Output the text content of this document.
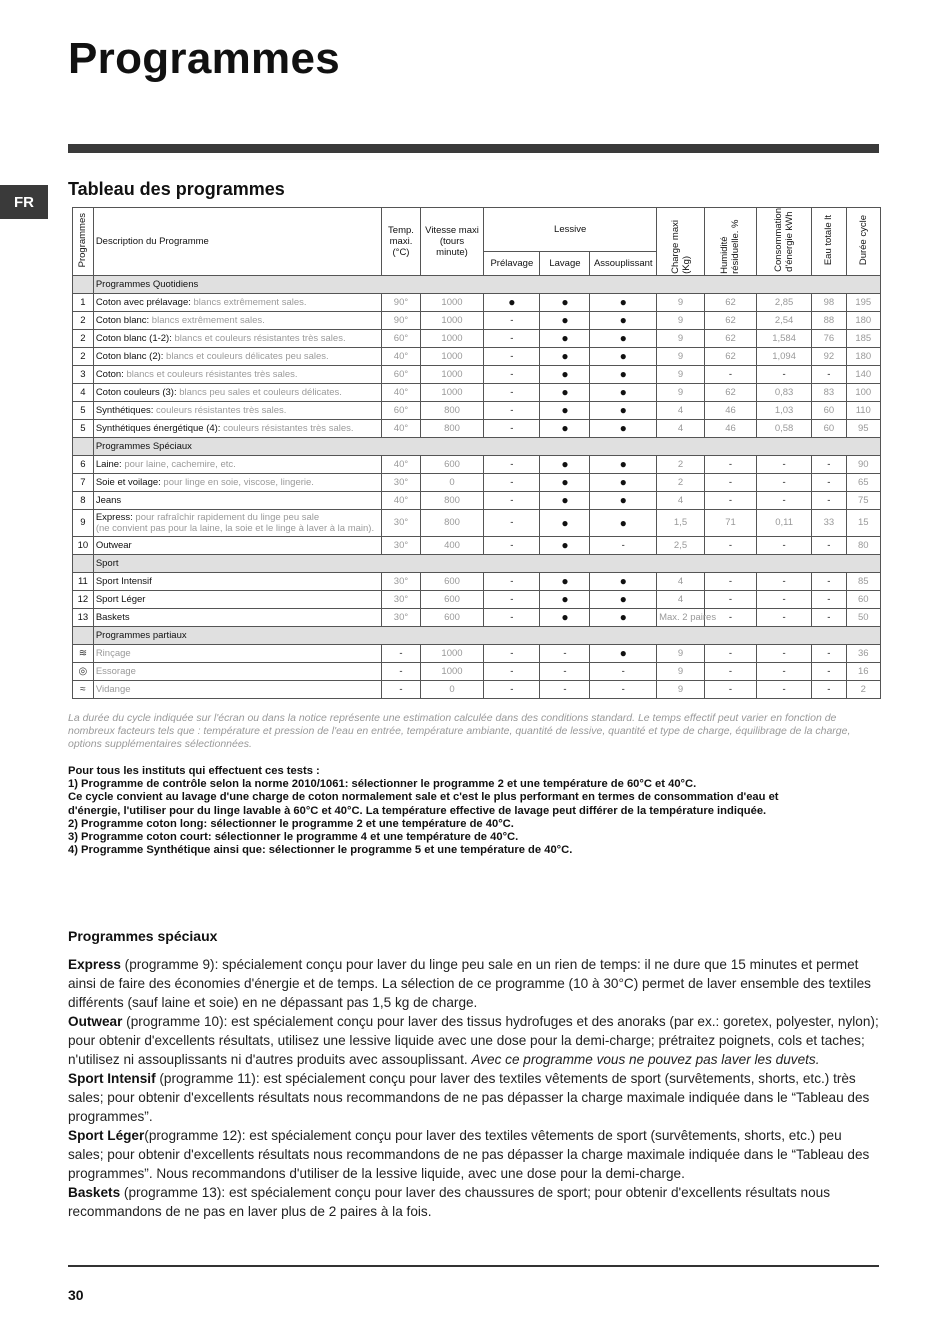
Programmes
FR
Tableau des programmes
Programmes	Description du Programme	Temp. maxi. (°C)	Vitesse maxi (tours minute)	Lessive			Charge maxi (Kg)	Humidité résiduelle. %	Consommation d'énergie kWh	Eau totale lt	Durée cycle
				Prélavage	Lavage	Assouplissant					
	Programmes Quotidiens										
1	Coton avec prélavage: blancs extrêmement sales.	90°	1000	●	●	●	9	62	2,85	98	195
2	Coton blanc: blancs extrêmement sales.	90°	1000	-	●	●	9	62	2,54	88	180
2	Coton blanc (1-2): blancs et couleurs résistantes très sales.	60°	1000	-	●	●	9	62	1,584	76	185
2	Coton blanc (2): blancs et couleurs délicates peu sales.	40°	1000	-	●	●	9	62	1,094	92	180
3	Coton: blancs et couleurs résistantes très sales.	60°	1000	-	●	●	9	-	-	-	140
4	Coton couleurs (3): blancs peu sales et couleurs délicates.	40°	1000	-	●	●	9	62	0,83	83	100
5	Synthétiques: couleurs résistantes très sales.	60°	800	-	●	●	4	46	1,03	60	110
5	Synthétiques énergétique (4): couleurs résistantes très sales.	40°	800	-	●	●	4	46	0,58	60	95
	Programmes Spéciaux										
6	Laine: pour laine, cachemire, etc.	40°	600	-	●	●	2	-	-	-	90
7	Soie et voilage: pour linge en soie, viscose, lingerie.	30°	0	-	●	●	2	-	-	-	65
8	Jeans	40°	800	-	●	●	4	-	-	-	75
9	Express: pour rafraîchir rapidement du linge peu sale
(ne convient pas pour la laine, la soie et le linge à laver à la main).	30°	800	-	●	●	1,5	71	0,11	33	15
10	Outwear	30°	400	-	●	-	2,5	-	-	-	80
	Sport										
11	Sport Intensif	30°	600	-	●	●	4	-	-	-	85
12	Sport Léger	30°	600	-	●	●	4	-	-	-	60
13	Baskets	30°	600	-	●	●	Max. 2 paires	-	-	-	50
	Programmes partiaux										
≋	Rinçage	-	1000	-	-	●	9	-	-	-	36
◎	Essorage	-	1000	-	-	-	9	-	-	-	16
≈	Vidange	-	0	-	-	-	9	-	-	-	2
La durée du cycle indiquée sur l'écran ou dans la notice représente une estimation calculée dans des conditions standard. Le temps effectif peut varier en fonction de nombreux facteurs tels que : température et pression de l'eau en entrée, température ambiante, quantité de lessive, quantité et type de charge, équilibrage de la charge, options supplémentaires sélectionnées.
Pour tous les instituts qui effectuent ces tests :
1) Programme de contrôle selon la norme 2010/1061: sélectionner le programme 2 et une température de 60°C et 40°C.
Ce cycle convient au lavage d'une charge de coton normalement sale et c'est le plus performant en termes de consommation d'eau et
d'énergie, l'utiliser pour du linge lavable à 60°C et 40°C. La température effective de lavage peut différer de la température indiquée.
2) Programme coton long: sélectionner le programme 2 et une température de 40°C.
3) Programme coton court: sélectionner le programme 4 et une température de 40°C.
4) Programme Synthétique ainsi que: sélectionner le programme 5 et une température de 40°C.
Programmes spéciaux

Express (programme 9): spécialement conçu pour laver du linge peu sale en un rien de temps: il ne dure que 15 minutes et permet ainsi de faire des économies d'énergie et de temps. La sélection de ce programme (10 à 30°C) permet de laver ensemble des textiles différents (sauf laine et soie) en ne dépassant pas 1,5 kg de charge.

Outwear (programme 10): est spécialement conçu pour laver des tissus hydrofuges et des anoraks (par ex.: goretex, polyester, nylon); pour obtenir d'excellents résultats, utilisez une lessive liquide avec une dose pour la demi-charge; prétraitez poignets, cols et taches; n'utilisez ni assouplissants ni d'autres produits avec assouplissant. Avec ce programme vous ne pouvez pas laver les duvets.

Sport Intensif (programme 11): est spécialement conçu pour laver des textiles vêtements de sport (survêtements, shorts, etc.) très sales; pour obtenir d'excellents résultats nous recommandons de ne pas dépasser la charge maximale indiquée dans le “Tableau des programmes”.

Sport Léger(programme 12): est spécialement conçu pour laver des textiles vêtements de sport (survêtements, shorts, etc.) peu sales; pour obtenir d'excellents résultats nous recommandons de ne pas dépasser la charge maximale indiquée dans le “Tableau des programmes”. Nous recommandons d'utiliser de la lessive liquide, avec une dose pour la demi-charge.

Baskets (programme 13): est spécialement conçu pour laver des chaussures de sport; pour obtenir d'excellents résultats nous recommandons de ne pas en laver plus de 2 paires à la fois.

30
